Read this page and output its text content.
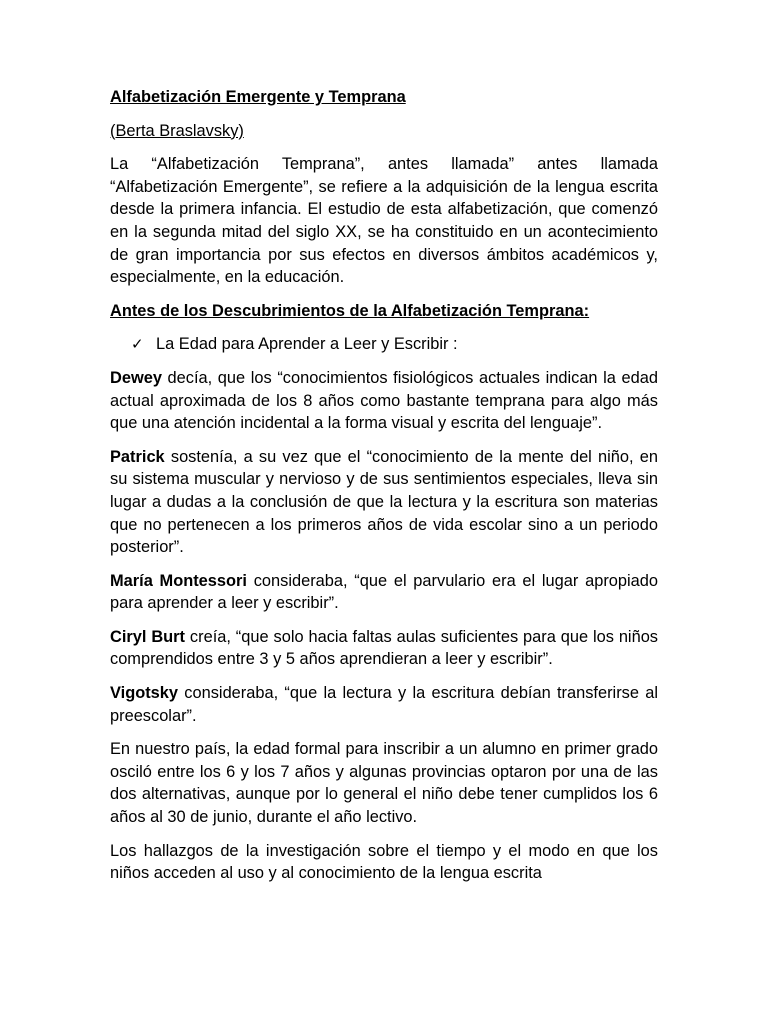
Alfabetización Emergente y Temprana

(Berta Braslavsky)

La “Alfabetización Temprana”, antes llamada” antes llamada “Alfabetización Emergente”, se refiere a la adquisición de la lengua escrita desde la primera infancia. El estudio de esta alfabetización, que comenzó en la segunda mitad del siglo XX, se ha constituido en un acontecimiento de gran importancia por sus efectos en diversos ámbitos académicos y, especialmente, en la educación.

Antes de los Descubrimientos de la Alfabetización Temprana:

✓ La Edad para Aprender a Leer y Escribir :

Dewey decía, que los “conocimientos fisiológicos actuales indican la edad actual aproximada de los 8 años como bastante temprana para algo más que una atención incidental a la forma visual y escrita del lenguaje”.

Patrick sostenía, a su vez que el “conocimiento de la mente del niño, en su sistema muscular y nervioso y de sus sentimientos especiales, lleva sin lugar a dudas a la conclusión de que la lectura y la escritura son materias que no pertenecen a los primeros años de vida escolar sino a un periodo posterior”.

María Montessori consideraba, “que el parvulario era el lugar apropiado para aprender a leer y escribir”.

Ciryl Burt creía, “que solo hacia faltas aulas suficientes para que los niños comprendidos entre 3 y 5 años aprendieran a leer y escribir”.

Vigotsky consideraba, “que la lectura y la escritura debían transferirse al preescolar”.

En nuestro país, la edad formal para inscribir a un alumno en primer grado osciló entre los 6 y los 7 años y algunas provincias optaron por una de las dos alternativas, aunque por lo general el niño debe tener cumplidos los 6 años al 30 de junio, durante el año lectivo.

Los hallazgos de la investigación sobre el tiempo y el modo en que los niños acceden al uso y al conocimiento de la lengua escrita
